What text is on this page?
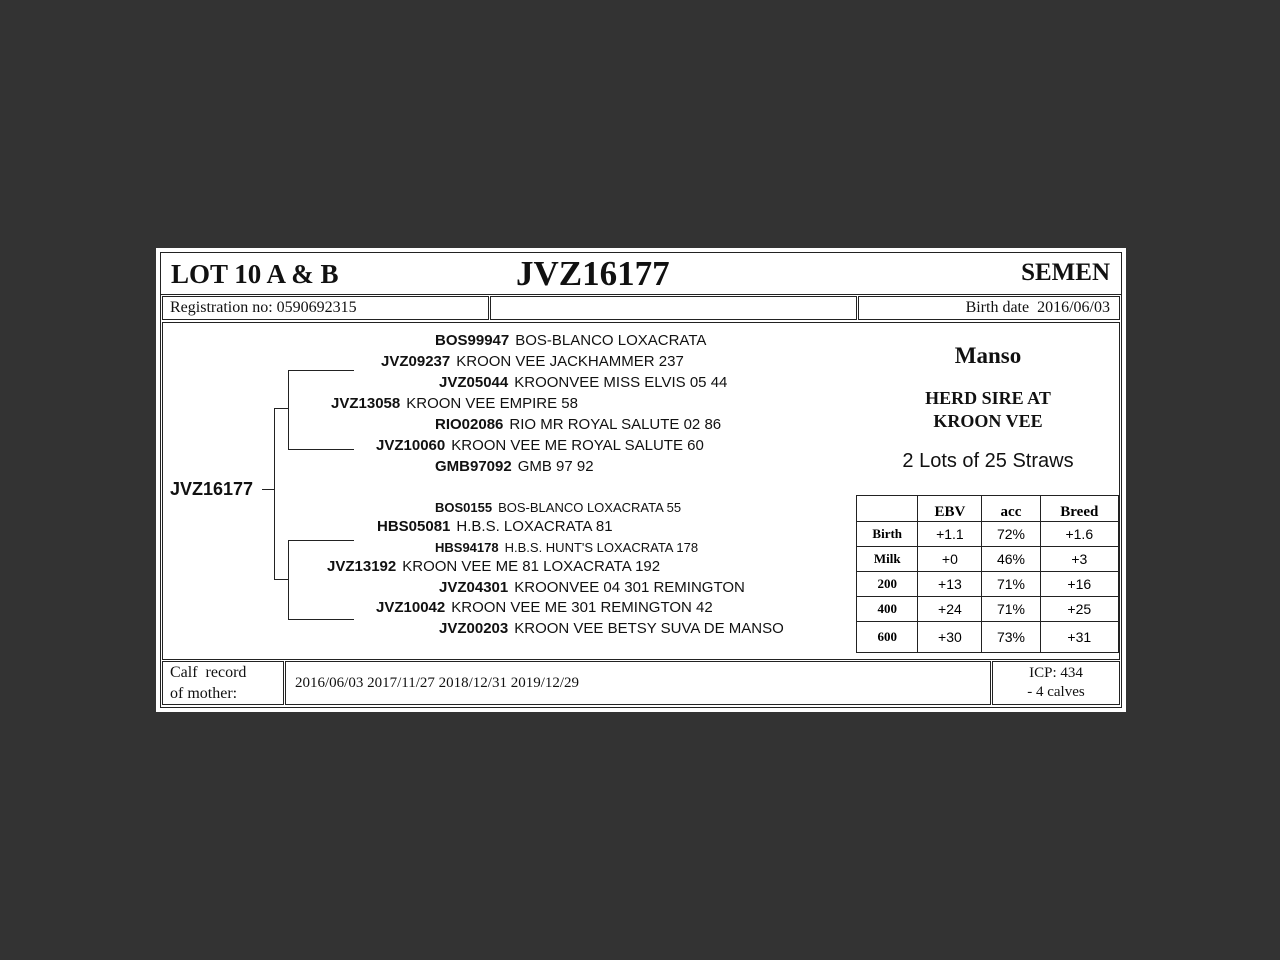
LOT 10 A & B	JVZ16177	SEMEN
Registration no: 0590692315	Birth date 2016/06/03
JVZ16177
BOS99947 BOS-BLANCO LOXACRATA
JVZ09237 KROON VEE JACKHAMMER 237
JVZ05044 KROONVEE MISS ELVIS 05 44
JVZ13058 KROON VEE EMPIRE 58
RIO02086 RIO MR ROYAL SALUTE 02 86
JVZ10060 KROON VEE ME ROYAL SALUTE 60
GMB97092 GMB 97 92
BOS0155 BOS-BLANCO LOXACRATA 55
HBS05081 H.B.S. LOXACRATA 81
HBS94178 H.B.S. HUNT'S LOXACRATA 178
JVZ13192 KROON VEE ME 81 LOXACRATA 192
JVZ04301 KROONVEE 04 301 REMINGTON
JVZ10042 KROON VEE ME 301 REMINGTON 42
JVZ00203 KROON VEE BETSY SUVA DE MANSO
Manso
HERD SIRE AT
KROON VEE
2 Lots of 25 Straws
	EBV	acc	Breed
Birth	+1.1	72%	+1.6
Milk	+0	46%	+3
200	+13	71%	+16
400	+24	71%	+25
600	+30	73%	+31
Calf  record
of mother:
2016/06/03 2017/11/27 2018/12/31 2019/12/29
ICP: 434
- 4 calves
